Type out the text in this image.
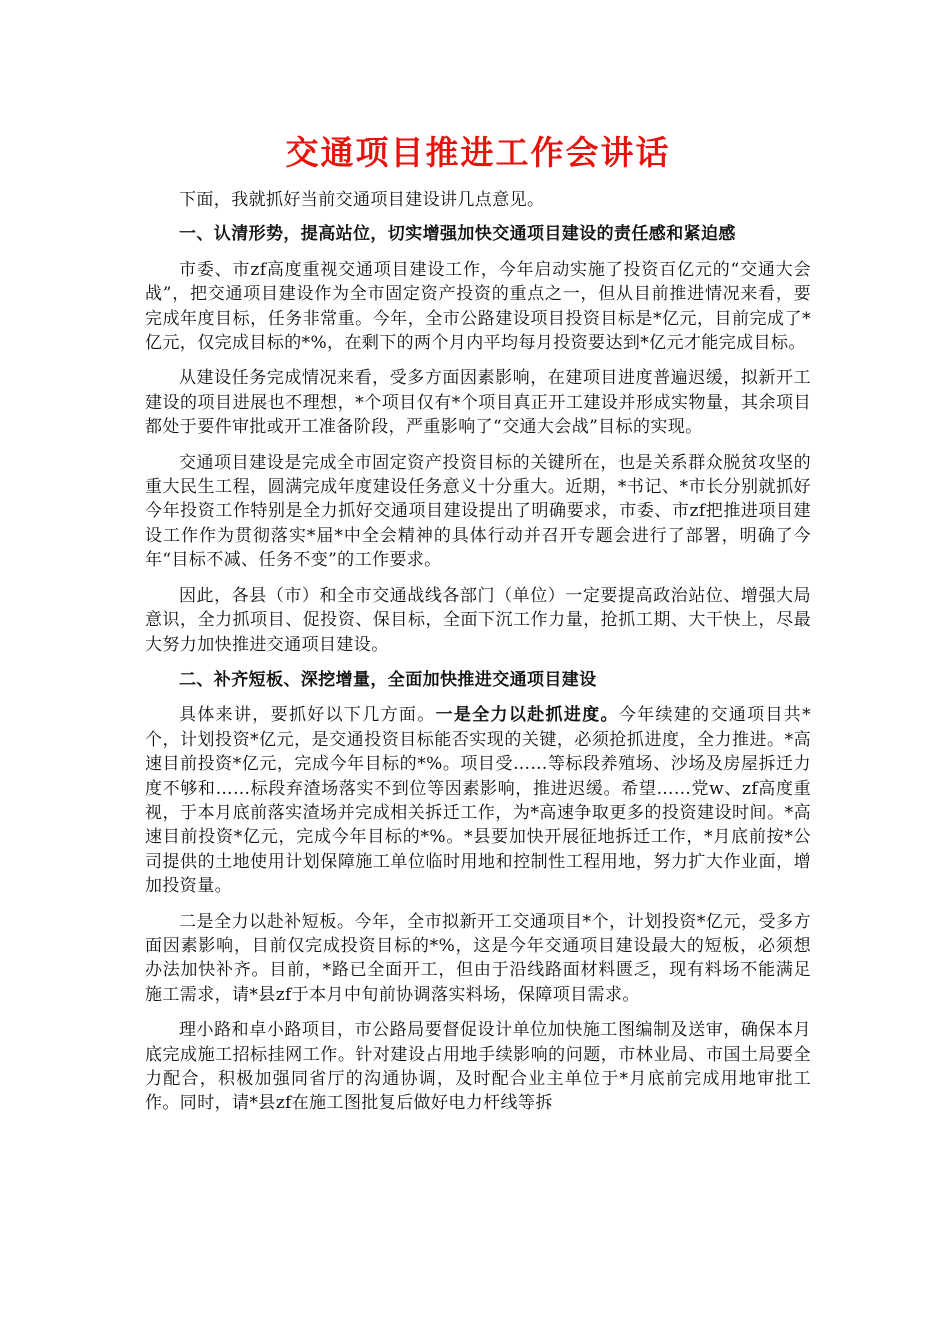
交通项目推进工作会讲话

下面，我就抓好当前交通项目建设讲几点意见。

一、认清形势，提高站位，切实增强加快交通项目建设的责任感和紧迫感

市委、市zf高度重视交通项目建设工作，今年启动实施了投资百亿元的“交通大会战”，把交通项目建设作为全市固定资产投资的重点之一，但从目前推进情况来看，要完成年度目标，任务非常重。今年，全市公路建设项目投资目标是*亿元，目前完成了*亿元，仅完成目标的*%，在剩下的两个月内平均每月投资要达到*亿元才能完成目标。

从建设任务完成情况来看，受多方面因素影响，在建项目进度普遍迟缓，拟新开工建设的项目进展也不理想，*个项目仅有*个项目真正开工建设并形成实物量，其余项目都处于要件审批或开工准备阶段，严重影响了“交通大会战”目标的实现。

交通项目建设是完成全市固定资产投资目标的关键所在，也是关系群众脱贫攻坚的重大民生工程，圆满完成年度建设任务意义十分重大。近期，*书记、*市长分别就抓好今年投资工作特别是全力抓好交通项目建设提出了明确要求，市委、市zf把推进项目建设工作作为贯彻落实*届*中全会精神的具体行动并召开专题会进行了部署，明确了今年“目标不减、任务不变”的工作要求。

因此，各县（市）和全市交通战线各部门（单位）一定要提高政治站位、增强大局意识，全力抓项目、促投资、保目标，全面下沉工作力量，抢抓工期、大干快上，尽最大努力加快推进交通项目建设。

二、补齐短板、深挖增量，全面加快推进交通项目建设

具体来讲，要抓好以下几方面。一是全力以赴抓进度。今年续建的交通项目共*个，计划投资*亿元，是交通投资目标能否实现的关键，必须抢抓进度，全力推进。*高速目前投资*亿元，完成今年目标的*%。项目受……等标段养殖场、沙场及房屋拆迁力度不够和……标段弃渣场落实不到位等因素影响，推进迟缓。希望……党w、zf高度重视，于本月底前落实渣场并完成相关拆迁工作，为*高速争取更多的投资建设时间。*高速目前投资*亿元，完成今年目标的*%。*县要加快开展征地拆迁工作，*月底前按*公司提供的土地使用计划保障施工单位临时用地和控制性工程用地，努力扩大作业面，增加投资量。

二是全力以赴补短板。今年，全市拟新开工交通项目*个，计划投资*亿元，受多方面因素影响，目前仅完成投资目标的*%，这是今年交通项目建设最大的短板，必须想办法加快补齐。目前，*路已全面开工，但由于沿线路面材料匮乏，现有料场不能满足施工需求，请*县zf于本月中旬前协调落实料场，保障项目需求。

理小路和卓小路项目，市公路局要督促设计单位加快施工图编制及送审，确保本月底完成施工招标挂网工作。针对建设占用地手续影响的问题，市林业局、市国土局要全力配合，积极加强同省厅的沟通协调，及时配合业主单位于*月底前完成用地审批工作。同时，请*县zf在施工图批复后做好电力杆线等拆
